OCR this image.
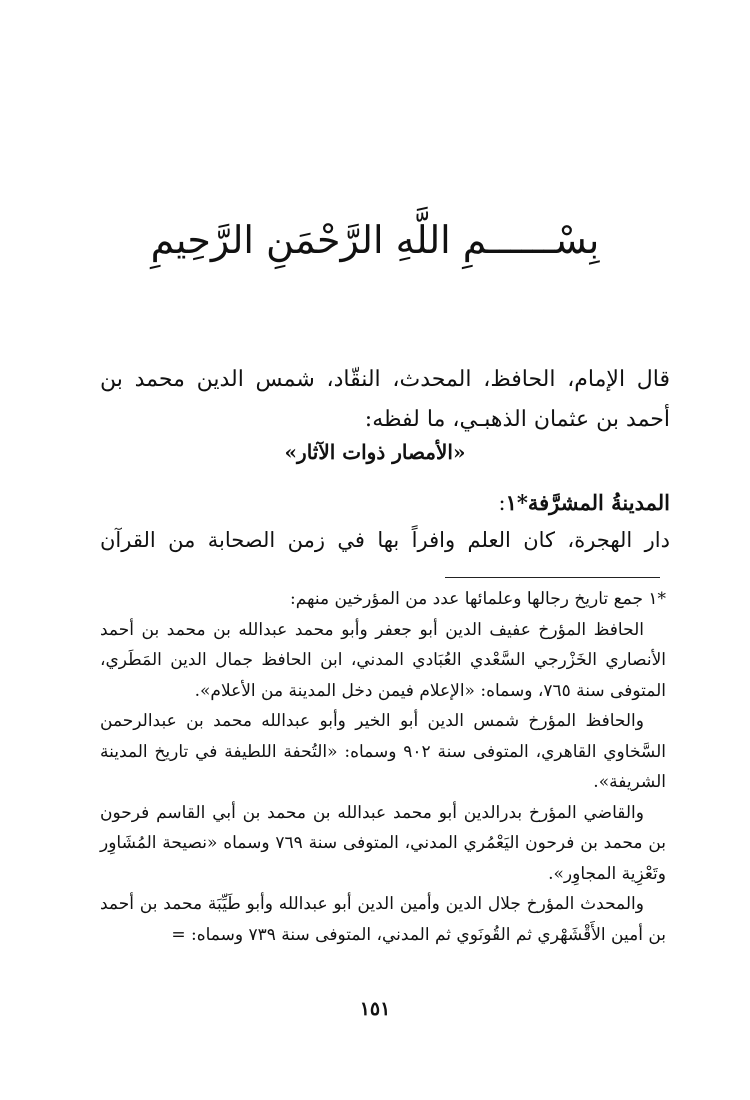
بِسْــــــمِ اللَّهِ الرَّحْمَنِ الرَّحِيمِ

قال الإمام، الحافظ، المحدث، النقّاد، شمس الدين محمد بن

أحمد بن عثمان الذهبـي، ما لفظه:

«الأمصار ذوات الآثار»
المدينةُ المشرَّفة*١:
دار الهجرة، كان العلم وافراً بها في زمن الصحابة من القرآن

*١ جمع تاريخ رجالها وعلمائها عدد من المؤرخين منهم:

الحافظ المؤرخ عفيف الدين أبو جعفر وأبو محمد عبدالله بن محمد بن أحمد الأنصاري الخَزْرجي السَّعْدي العُبَادي المدني، ابن الحافظ جمال الدين المَطَري، المتوفى سنة ٧٦٥، وسماه: «الإعلام فيمن دخل المدينة من الأعلام».

والحافظ المؤرخ شمس الدين أبو الخير وأبو عبدالله محمد بن عبدالرحمن السَّخاوي القاهري، المتوفى سنة ٩٠٢ وسماه: «التُحفة اللطيفة في تاريخ المدينة الشريفة».

والقاضي المؤرخ بدرالدين أبو محمد عبدالله بن محمد بن أبي القاسم فرحون بن محمد بن فرحون اليَعْمُري المدني، المتوفى سنة ٧٦٩ وسماه «نصيحة المُشَاوِر وتَعْزِية المجاوِر».

والمحدث المؤرخ جلال الدين وأمين الدين أبو عبدالله وأبو طَيِّبَة محمد بن أحمد بن أمين الأَقْشَهْري ثم القُونَوي ثم المدني، المتوفى سنة ٧٣٩ وسماه: =

١٥١
